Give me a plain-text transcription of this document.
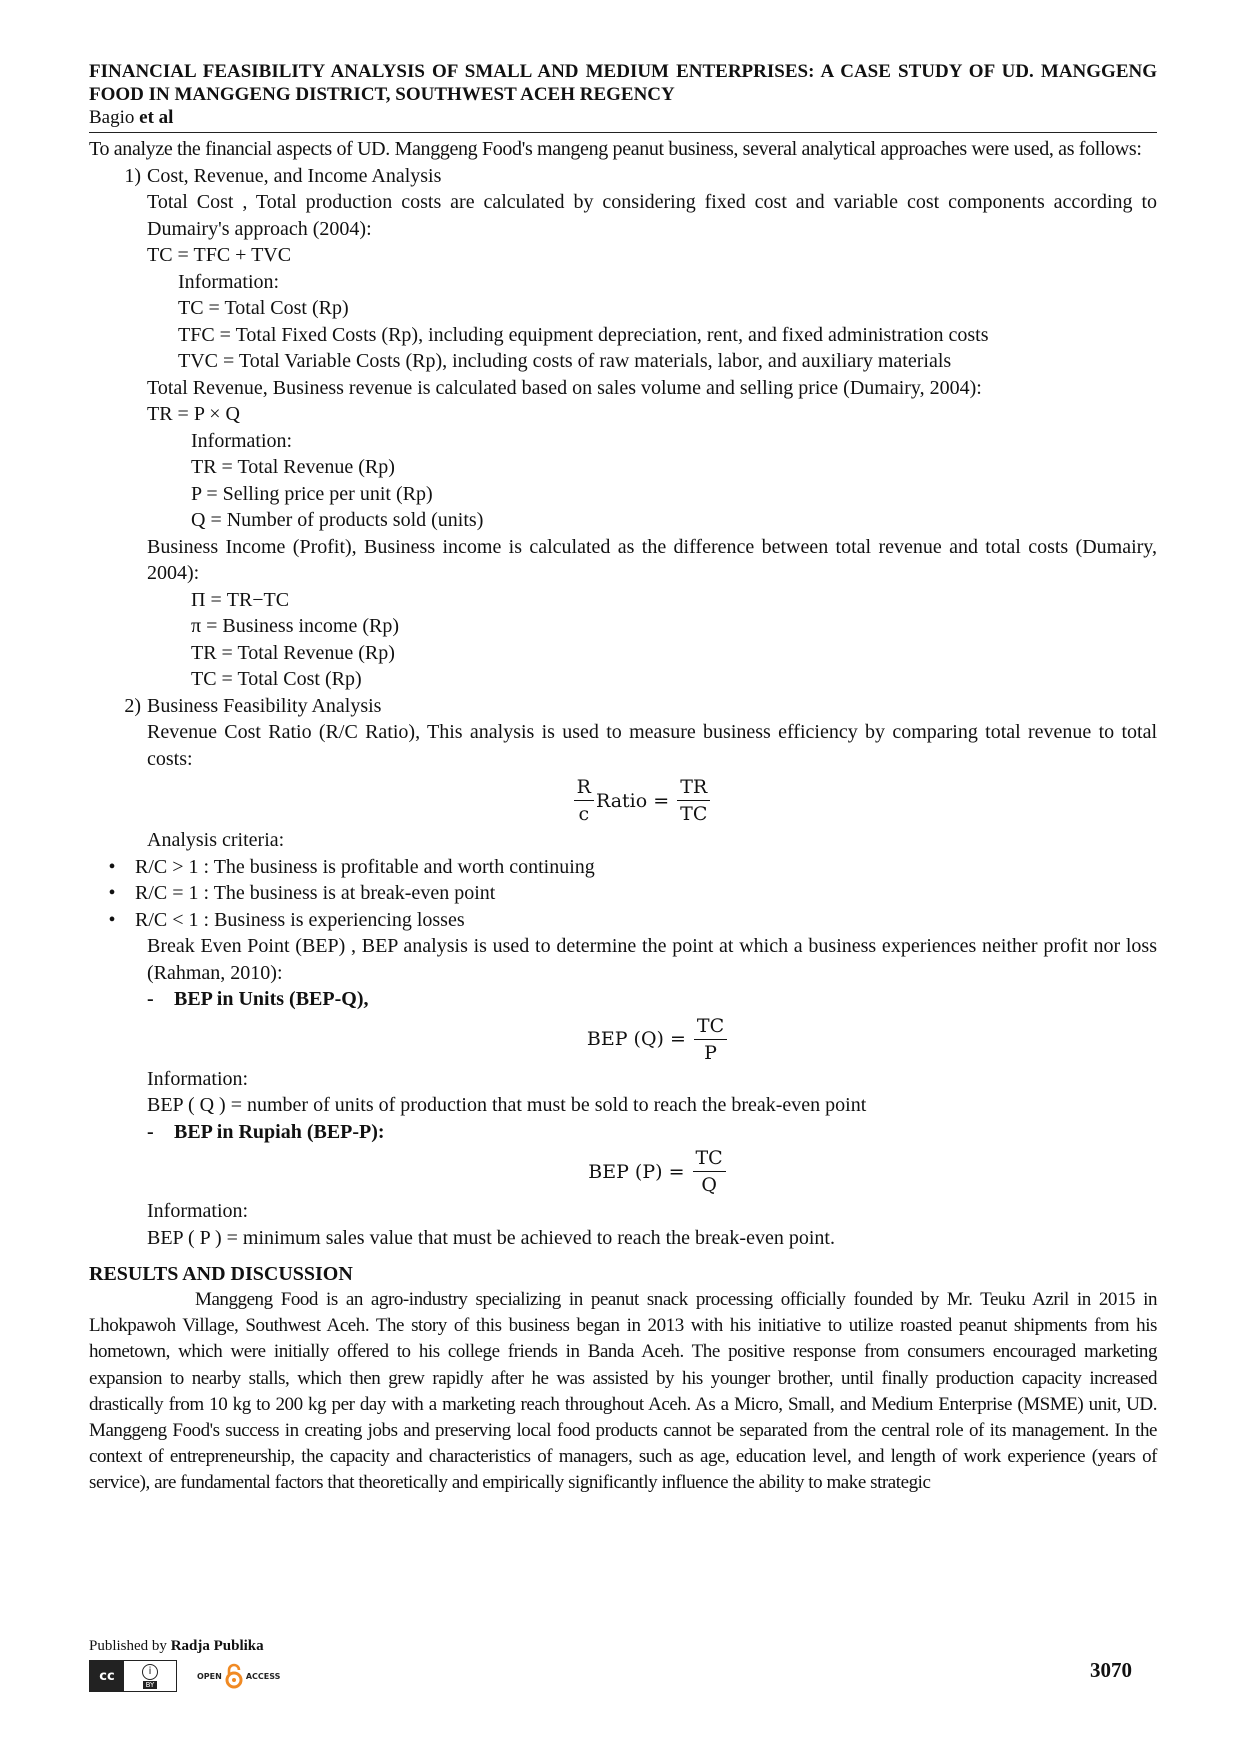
FINANCIAL FEASIBILITY ANALYSIS OF SMALL AND MEDIUM ENTERPRISES: A CASE STUDY OF UD. MANGGENG FOOD IN MANGGENG DISTRICT, SOUTHWEST ACEH REGENCY
Bagio et al
To analyze the financial aspects of UD. Manggeng Food's mangeng peanut business, several analytical approaches were used, as follows:
1) Cost, Revenue, and Income Analysis
Total Cost , Total production costs are calculated by considering fixed cost and variable cost components according to Dumairy's approach (2004):
TC = TFC + TVC
Information:
TC = Total Cost (Rp)
TFC = Total Fixed Costs (Rp), including equipment depreciation, rent, and fixed administration costs
TVC = Total Variable Costs (Rp), including costs of raw materials, labor, and auxiliary materials
Total Revenue, Business revenue is calculated based on sales volume and selling price (Dumairy, 2004):
TR = P × Q
Information:
TR = Total Revenue (Rp)
P = Selling price per unit (Rp)
Q = Number of products sold (units)
Business Income (Profit), Business income is calculated as the difference between total revenue and total costs (Dumairy, 2004):
Π = TR−TC
π = Business income (Rp)
TR = Total Revenue (Rp)
TC = Total Cost (Rp)
2) Business Feasibility Analysis
Revenue Cost Ratio (R/C Ratio), This analysis is used to measure business efficiency by comparing total revenue to total costs:
$\frac{R}{c}$ Ratio = $\frac{TR}{TC}$
Analysis criteria:
• R/C > 1 : The business is profitable and worth continuing
• R/C = 1 : The business is at break-even point
• R/C < 1 : Business is experiencing losses
Break Even Point (BEP) , BEP analysis is used to determine the point at which a business experiences neither profit nor loss (Rahman, 2010):
-	BEP in Units (BEP-Q),
BEP $(Q) = \frac{TC}{P}$
Information:
BEP ( Q ) = number of units of production that must be sold to reach the break-even point
-	BEP in Rupiah (BEP-P):
BEP $(P) = \frac{TC}{Q}$
Information:
BEP ( P ) = minimum sales value that must be achieved to reach the break-even point.
RESULTS AND DISCUSSION
Manggeng Food is an agro-industry specializing in peanut snack processing officially founded by Mr. Teuku Azril in 2015 in Lhokpawoh Village, Southwest Aceh. The story of this business began in 2013 with his initiative to utilize roasted peanut shipments from his hometown, which were initially offered to his college friends in Banda Aceh. The positive response from consumers encouraged marketing expansion to nearby stalls, which then grew rapidly after he was assisted by his younger brother, until finally production capacity increased drastically from 10 kg to 200 kg per day with a marketing reach throughout Aceh. As a Micro, Small, and Medium Enterprise (MSME) unit, UD. Manggeng Food's success in creating jobs and preserving local food products cannot be separated from the central role of its management. In the context of entrepreneurship, the capacity and characteristics of managers, such as age, education level, and length of work experience (years of service), are fundamental factors that theoretically and empirically significantly influence the ability to make strategic
Published by Radja Publika
cc	i
BY
OPEN	ACCESS	3070
